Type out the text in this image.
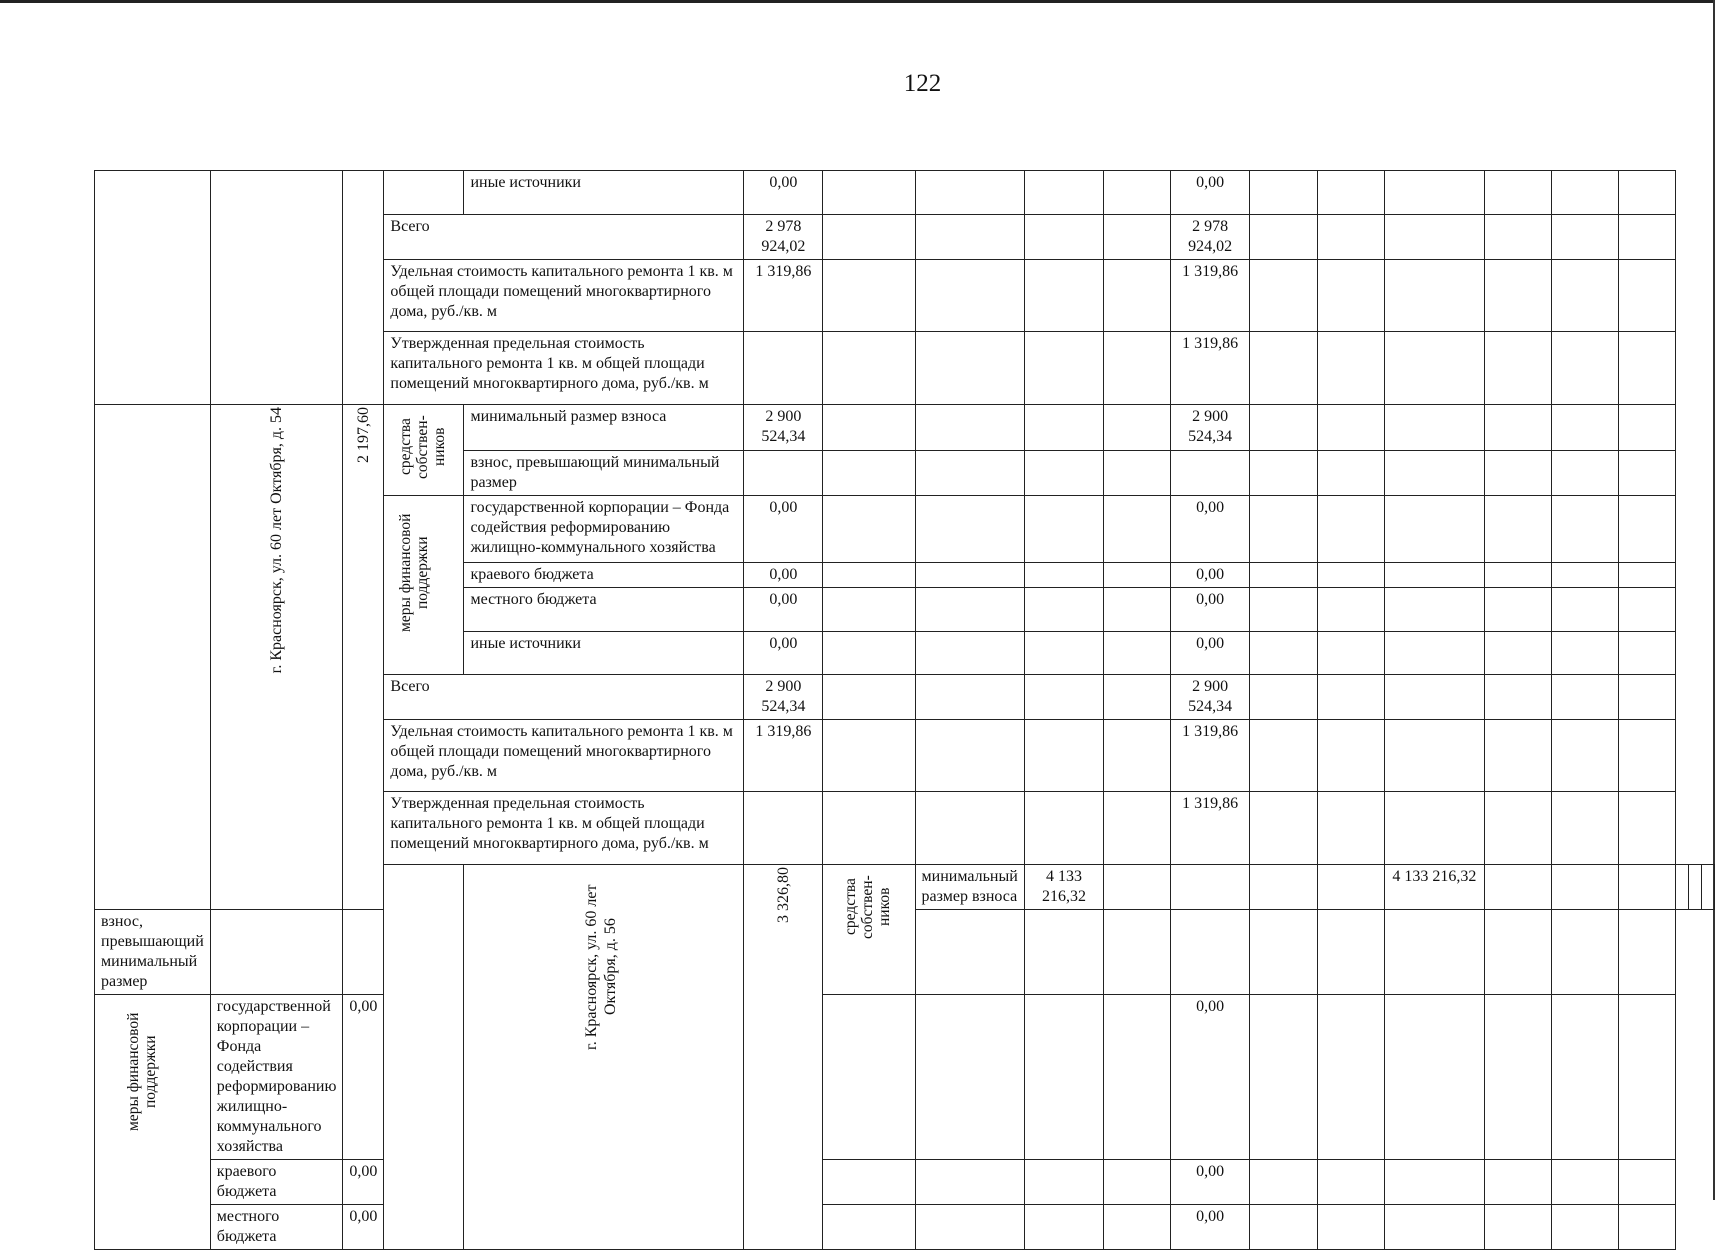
122
				иные источники	0,00					0,00									
			Всего		2 978 924,02					2 978 924,02									
			Удельная стоимость капитального ремонта 1 кв. м общей площади помещений многоквартирного дома, руб./кв. м		1 319,86					1 319,86									
			Утвержденная предельная стоимость капитального ремонта 1 кв. м общей площади помещений многоквартирного дома, руб./кв. м							1 319,86									
	г. Красноярск, ул. 60 лет Октября, д. 54	2 197,60	средства собствен-ников	минимальный размер взноса	2 900 524,34					2 900 524,34									
				взнос, превышающий минимальный размер															
			меры финансовой поддержки	государственной корпорации – Фонда содействия реформированию жилищно-коммунального хозяйства	0,00					0,00									
				краевого бюджета	0,00					0,00									
				местного бюджета	0,00					0,00									
				иные источники	0,00					0,00									
			Всего		2 900 524,34					2 900 524,34									
			Удельная стоимость капитального ремонта 1 кв. м общей площади помещений многоквартирного дома, руб./кв. м		1 319,86					1 319,86									
			Утвержденная предельная стоимость капитального ремонта 1 кв. м общей площади помещений многоквартирного дома, руб./кв. м							1 319,86									
				г. Красноярск, ул. 60 лет Октября, д. 56	3 326,80	средства собствен-ников	минимальный размер взноса	4 133 216,32					4 133 216,32						
взнос, превышающий минимальный размер																			
меры финансовой поддержки	государственной корпорации – Фонда содействия реформированию жилищно-коммунального хозяйства	0,00								0,00									
	краевого бюджета	0,00								0,00									
	местного бюджета	0,00								0,00									
